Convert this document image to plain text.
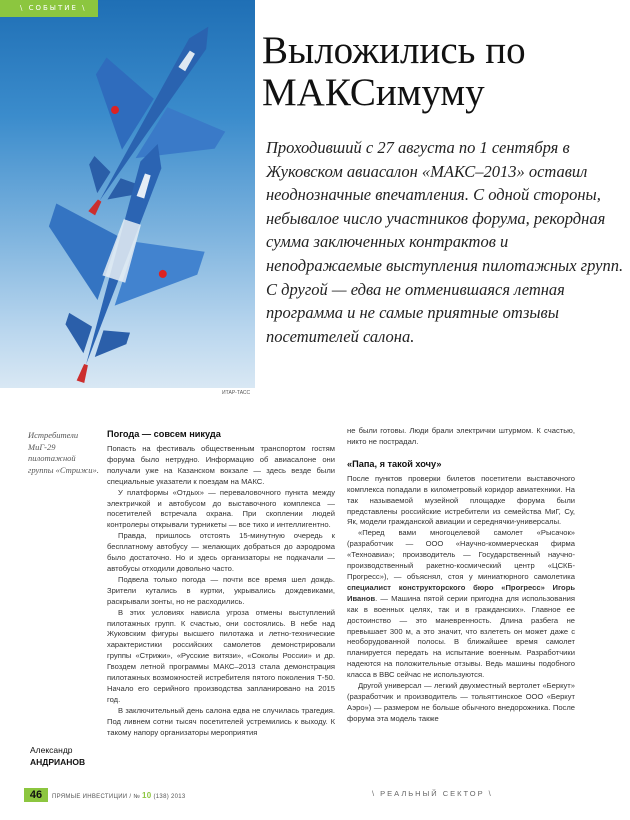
\ СОБЫТИЕ \
ИТАР-ТАСС
Выложились по МАКСимуму

Проходивший с 27 августа по 1 сентября в Жуковском авиасалон «МАКС–2013» оставил неоднозначные впечатления. С одной стороны, небывалое число участников форума, рекордная сумма заключенных контрактов и неподражаемые выступления пилотажных групп. С другой — едва не отменившаяся летная программа и не самые приятные отзывы посетителей салона.

Истребители МиГ-29 пилотажной группы «Стрижи».
Александр
АНДРИАНОВ
Погода — совсем никуда

Попасть на фестиваль общественным транспортом гостям форума было нетрудно. Информацию об авиасалоне они получали уже на Казанском вокзале — здесь везде были специальные указатели к поездам на МАКС.

У платформы «Отдых» — переваловочного пункта между электричкой и автобусом до выставочного комплекса — посетителей встречала охрана. При скоплении людей контролеры открывали турникеты — все тихо и интеллигентно.

Правда, пришлось отстоять 15-минутную очередь к бесплатному автобусу — желающих добраться до аэродрома было достаточно. Но и здесь организаторы не подкачали — автобусы отходили довольно часто.

Подвела только погода — почти все время шел дождь. Зрители кутались в куртки, укрывались дождевиками, раскрывали зонты, но не расходились.

В этих условиях нависла угроза отмены выступлений пилотажных групп. К счастью, они состоялись. В небе над Жуковским фигуры высшего пилотажа и летно-технические характеристики российских самолетов демонстрировали группы «Стрижи», «Русские витязи», «Соколы России» и др. Гвоздем летной программы МАКС–2013 стала демонстрация пилотажных возможностей истребителя пятого поколения Т-50. Начало его серийного производства запланировано на 2015 год.

В заключительный день салона едва не случилась трагедия. Под ливнем сотни тысяч посетителей устремились к выходу. К такому напору организаторы мероприятия

не были готовы. Люди брали электрички штурмом. К счастью, никто не пострадал.

«Папа, я такой хочу»

После пунктов проверки билетов посетители выставочного комплекса попадали в километровый коридор авиатехники. На так называемой музейной площадке форума были представлены российские истребители из семейства МиГ, Су, Як, модели гражданской авиации и середнячки-универсалы.

«Перед вами многоцелевой самолет «Рысачок» (разработчик — ООО «Научно-коммерческая фирма «Техноавиа»; производитель — Государственный научно-производственный ракетно-космический центр «ЦСКБ-Прогресс»), — объяснял, стоя у миниатюрного самолетика специалист конструкторского бюро «Прогресс» Игорь Иванов. — Машина пятой серии пригодна для использования как в военных целях, так и в гражданских». Главное ее достоинство — это маневренность. Длина разбега не превышает 300 м, а это значит, что взлететь он может даже с необорудованной полосы. В ближайшее время самолет планируется передать на испытание военным. Разработчики надеются на положительные отзывы. Ведь машины подобного класса в ВВС сейчас не используются.

Другой универсал — легкий двухместный вертолет «Беркут» (разработчик и производитель — тольяттинское ООО «Беркут Аэро») — размером не больше обычного внедорожника. После форума эта модель также

46	ПРЯМЫЕ ИНВЕСТИЦИИ / № 10 (138) 2013	\ РЕАЛЬНЫЙ СЕКТОР \
